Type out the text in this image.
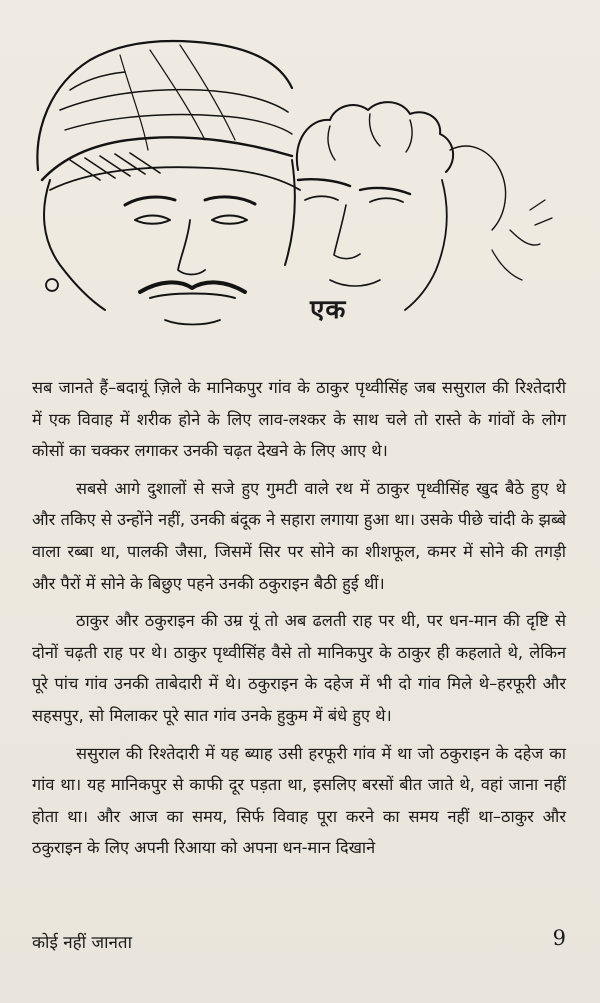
एक

सब जानते हैं–बदायूं ज़िले के मानिकपुर गांव के ठाकुर पृथ्वीसिंह जब ससुराल की रिश्तेदारी में एक विवाह में शरीक होने के लिए लाव-लश्कर के साथ चले तो रास्ते के गांवों के लोग कोसों का चक्कर लगाकर उनकी चढ़त देखने के लिए आए थे।

सबसे आगे दुशालों से सजे हुए गुमटी वाले रथ में ठाकुर पृथ्वीसिंह खुद बैठे हुए थे और तकिए से उन्होंने नहीं, उनकी बंदूक ने सहारा लगाया हुआ था। उसके पीछे चांदी के झब्बे वाला रब्बा था, पालकी जैसा, जिसमें सिर पर सोने का शीशफूल, कमर में सोने की तगड़ी और पैरों में सोने के बिछुए पहने उनकी ठकुराइन बैठी हुई थीं।

ठाकुर और ठकुराइन की उम्र यूं तो अब ढलती राह पर थी, पर धन-मान की दृष्टि से दोनों चढ़ती राह पर थे। ठाकुर पृथ्वीसिंह वैसे तो मानिकपुर के ठाकुर ही कहलाते थे, लेकिन पूरे पांच गांव उनकी ताबेदारी में थे। ठकुराइन के दहेज में भी दो गांव मिले थे–हरफूरी और सहसपुर, सो मिलाकर पूरे सात गांव उनके हुकुम में बंधे हुए थे।

ससुराल की रिश्तेदारी में यह ब्याह उसी हरफूरी गांव में था जो ठकुराइन के दहेज का गांव था। यह मानिकपुर से काफी दूर पड़ता था, इसलिए बरसों बीत जाते थे, वहां जाना नहीं होता था। और आज का समय, सिर्फ विवाह पूरा करने का समय नहीं था–ठाकुर और ठकुराइन के लिए अपनी रिआया को अपना धन-मान दिखाने

कोई नहीं जानता	9
